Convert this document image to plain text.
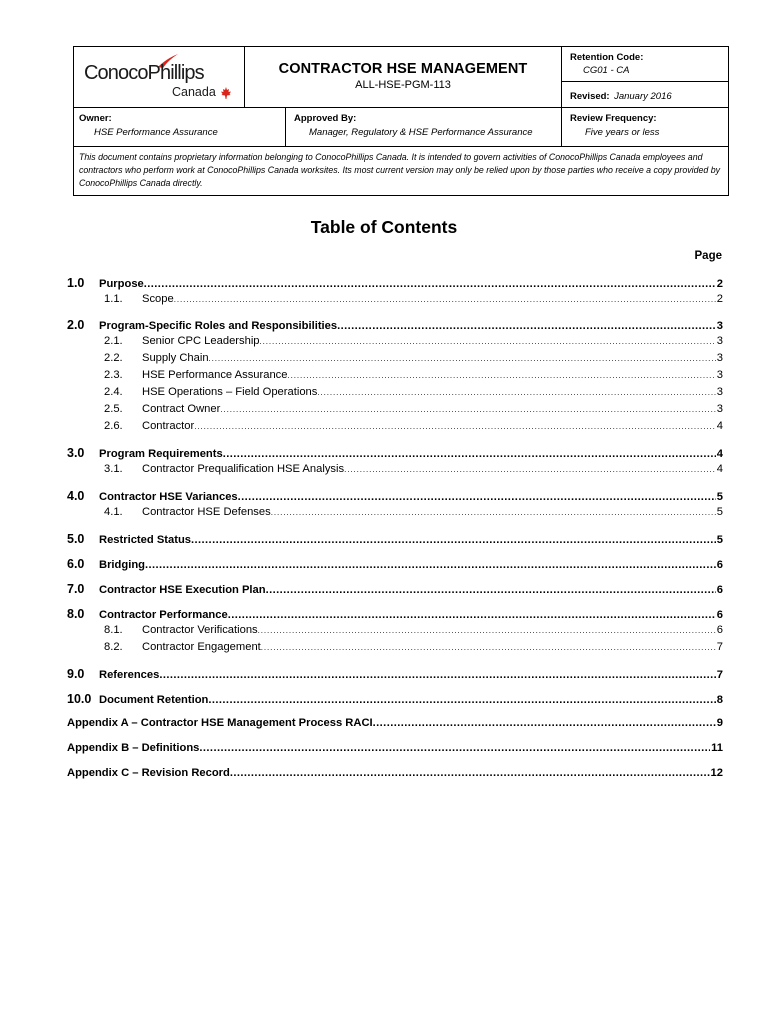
ConocoPhillips
Canada
CONTRACTOR HSE MANAGEMENT
ALL-HSE-PGM-113
Retention Code:
CG01 - CA
Revised: January 2016
Owner:
HSE Performance Assurance
Approved By:
Manager, Regulatory & HSE Performance Assurance
Review Frequency:
Five years or less
This document contains proprietary information belonging to ConocoPhillips Canada. It is intended to govern activities of ConocoPhillips Canada employees and contractors who perform work at ConocoPhillips Canada worksites. Its most current version may only be relied upon by those parties who receive a copy provided by ConocoPhillips Canada directly.
Table of Contents
Page
1.0	Purpose .....	2
1.1.	Scope .....	2
2.0	Program-Specific Roles and Responsibilities .....	3
2.1.	Senior CPC Leadership .....	3
2.2.	Supply Chain .....	3
2.3.	HSE Performance Assurance .....	3
2.4.	HSE Operations – Field Operations .....	3
2.5.	Contract Owner .....	3
2.6.	Contractor .....	4
3.0	Program Requirements .....	4
3.1.	Contractor Prequalification HSE Analysis .....	4
4.0	Contractor HSE Variances .....	5
4.1.	Contractor HSE Defenses .....	5
5.0	Restricted Status .....	5
6.0	Bridging .....	6
7.0	Contractor HSE Execution Plan .....	6
8.0	Contractor Performance .....	6
8.1.	Contractor Verifications .....	6
8.2.	Contractor Engagement .....	7
9.0	References .....	7
10.0 Document Retention .....	8
Appendix A – Contractor HSE Management Process RACI .....	9
Appendix B – Definitions .....	11
Appendix C – Revision Record .....	12
